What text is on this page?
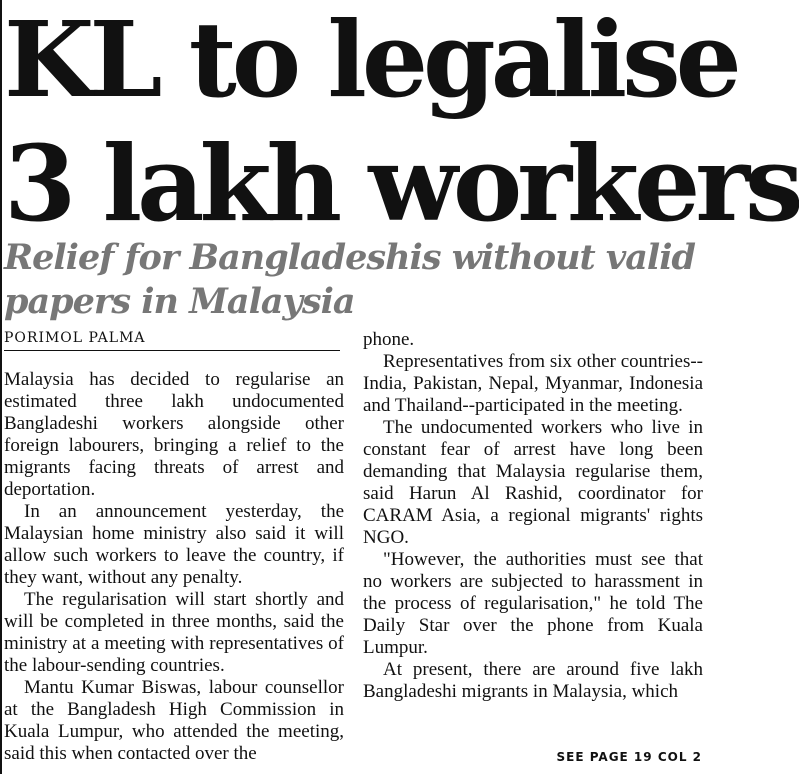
KL to legalise
3 lakh workers
Relief for Bangladeshis without valid
papers in Malaysia
PORIMOL PALMA

Malaysia has decided to regularise an estimated three lakh undocumented Bangladeshi workers alongside other foreign labourers, bringing a relief to the migrants facing threats of arrest and deportation.

In an announcement yesterday, the Malaysian home ministry also said it will allow such workers to leave the country, if they want, without any penalty.

The regularisation will start shortly and will be completed in three months, said the ministry at a meeting with representatives of the labour-sending countries.

Mantu Kumar Biswas, labour counsellor at the Bangladesh High Commission in Kuala Lumpur, who attended the meeting, said this when contacted over the

phone.

Representatives from six other countries--India, Pakistan, Nepal, Myanmar, Indonesia and Thailand--participated in the meeting.

The undocumented workers who live in constant fear of arrest have long been demanding that Malaysia regularise them, said Harun Al Rashid, coordinator for CARAM Asia, a regional migrants' rights NGO.

"However, the authorities must see that no workers are subjected to harassment in the process of regularisation," he told The Daily Star over the phone from Kuala Lumpur.

At present, there are around five lakh Bangladeshi migrants in Malaysia, which

SEE PAGE 19 COL 2
